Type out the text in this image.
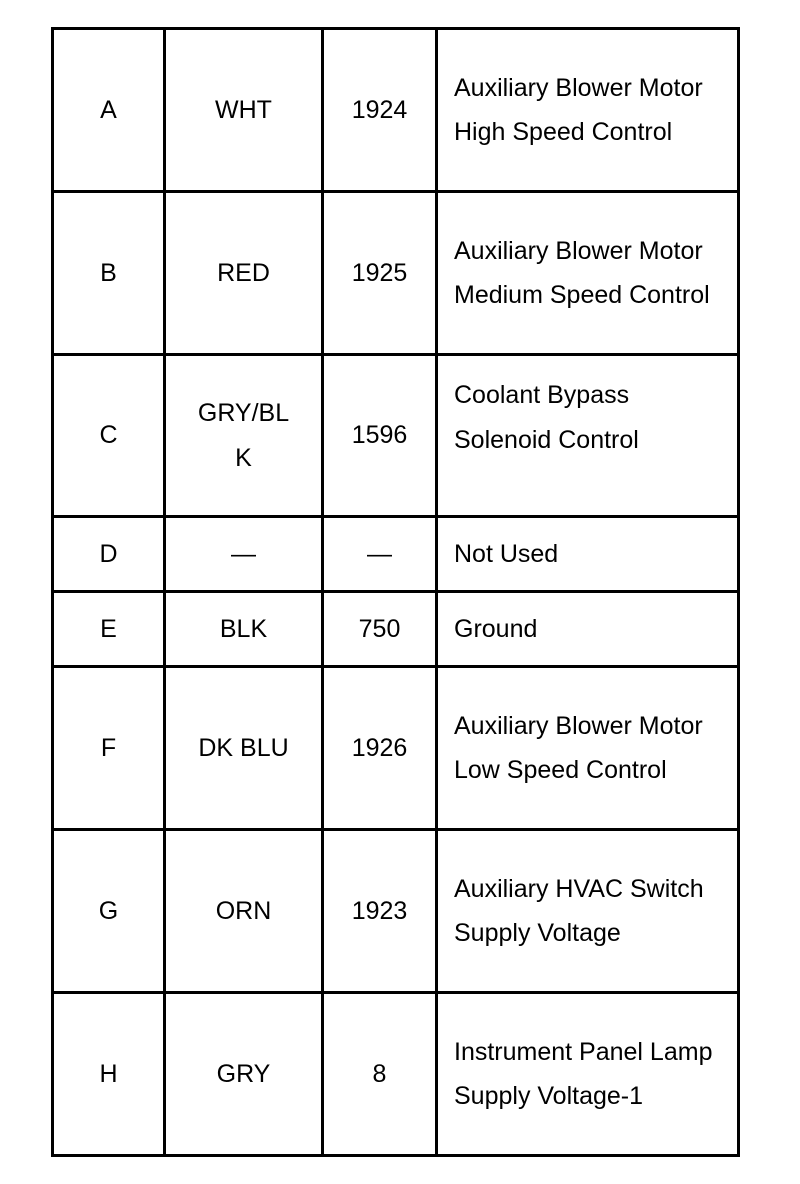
A	WHT	1924	Auxiliary Blower Motor High Speed Control
B	RED	1925	Auxiliary Blower Motor Medium Speed Control
C	GRY/BLK	1596	Coolant Bypass Solenoid Control
D	—	—	Not Used
E	BLK	750	Ground
F	DK BLU	1926	Auxiliary Blower Motor Low Speed Control
G	ORN	1923	Auxiliary HVAC Switch Supply Voltage
H	GRY	8	Instrument Panel Lamp Supply Voltage-1
